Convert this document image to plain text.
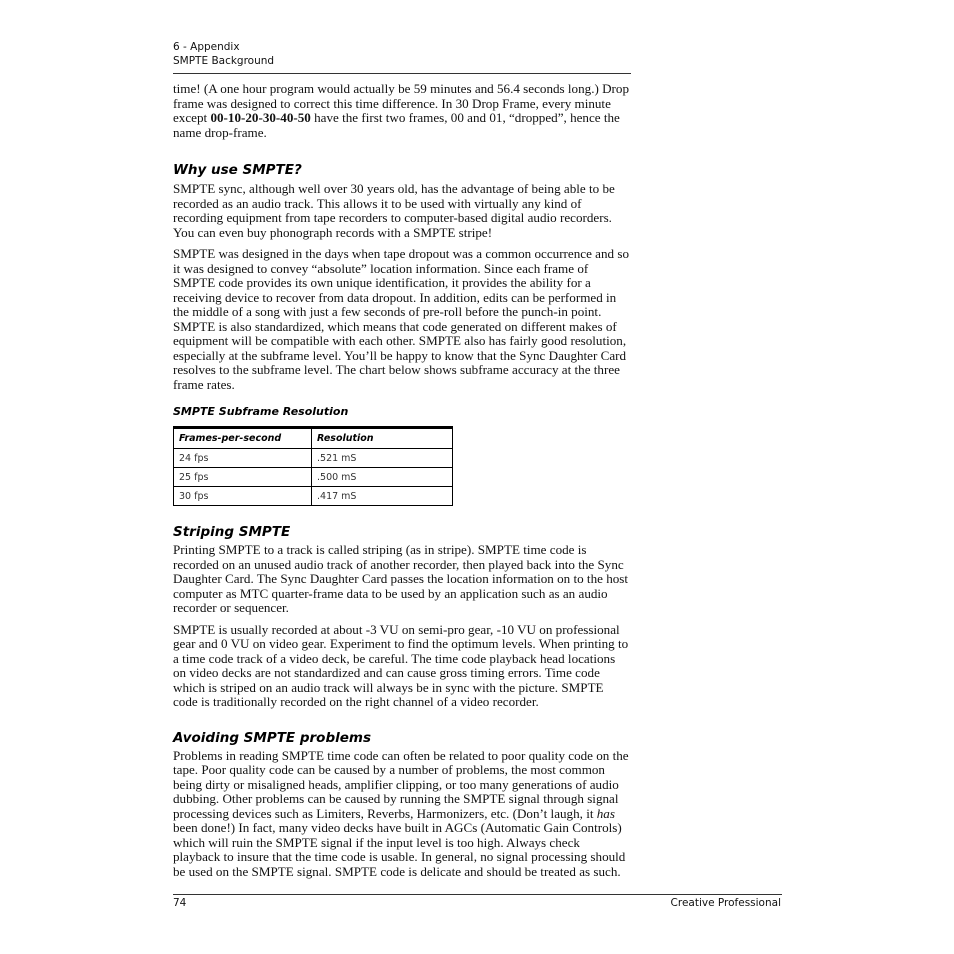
6 - Appendix
SMPTE Background

time! (A one hour program would actually be 59 minutes and 56.4 seconds long.) Drop frame was designed to correct this time difference. In 30 Drop Frame, every minute except 00-10-20-30-40-50 have the first two frames, 00 and 01, “dropped”, hence the name drop-frame.

Why use SMPTE?

SMPTE sync, although well over 30 years old, has the advantage of being able to be recorded as an audio track. This allows it to be used with virtually any kind of recording equipment from tape recorders to computer-based digital audio recorders. You can even buy phonograph records with a SMPTE stripe!

SMPTE was designed in the days when tape dropout was a common occurrence and so it was designed to convey “absolute” location information. Since each frame of SMPTE code provides its own unique identification, it provides the ability for a receiving device to recover from data dropout. In addition, edits can be performed in the middle of a song with just a few seconds of pre-roll before the punch-in point. SMPTE is also standardized, which means that code generated on different makes of equipment will be compatible with each other. SMPTE also has fairly good resolution, especially at the subframe level. You’ll be happy to know that the Sync Daughter Card resolves to the subframe level. The chart below shows subframe accuracy at the three frame rates.

SMPTE Subframe Resolution
Frames-per-second	Resolution
24 fps	.521 mS
25 fps	.500 mS
30 fps	.417 mS
Striping SMPTE

Printing SMPTE to a track is called striping (as in stripe). SMPTE time code is recorded on an unused audio track of another recorder, then played back into the Sync Daughter Card. The Sync Daughter Card passes the location information on to the host computer as MTC quarter-frame data to be used by an application such as an audio recorder or sequencer.

SMPTE is usually recorded at about -3 VU on semi-pro gear, -10 VU on professional gear and 0 VU on video gear. Experiment to find the optimum levels. When printing to a time code track of a video deck, be careful. The time code playback head locations on video decks are not standardized and can cause gross timing errors. Time code which is striped on an audio track will always be in sync with the picture. SMPTE code is traditionally recorded on the right channel of a video recorder.

Avoiding SMPTE problems

Problems in reading SMPTE time code can often be related to poor quality code on the tape. Poor quality code can be caused by a number of problems, the most common being dirty or misaligned heads, amplifier clipping, or too many generations of audio dubbing. Other problems can be caused by running the SMPTE signal through signal processing devices such as Limiters, Reverbs, Harmonizers, etc. (Don’t laugh, it has been done!) In fact, many video decks have built in AGCs (Automatic Gain Controls) which will ruin the SMPTE signal if the input level is too high. Always check playback to insure that the time code is usable. In general, no signal processing should be used on the SMPTE signal. SMPTE code is delicate and should be treated as such.

74	Creative Professional
